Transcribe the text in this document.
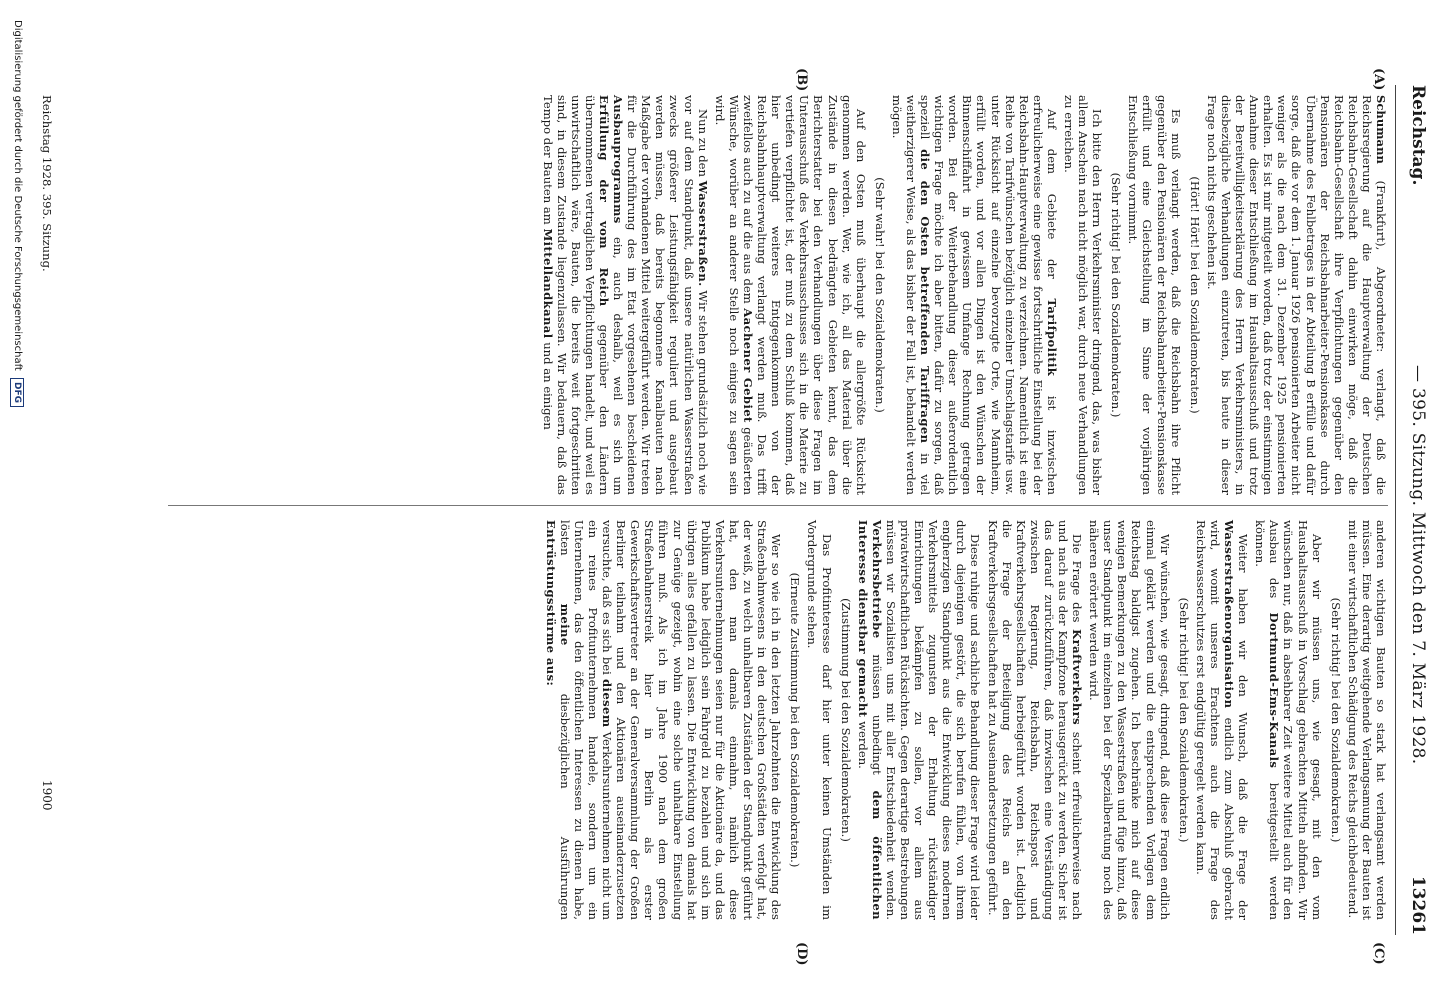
Reichstag.
— 395. Sitzung. Mittwoch den 7. März 1928.
13261
(A)
(B)
(C)
(D)

Schumann (Frankfurt), Abgeordneter: verlangt, daß die Reichsregierung auf die Hauptverwaltung der Deutschen Reichsbahn-Gesellschaft dahin einwirken möge, daß die Reichsbahn-Gesellschaft ihre Verpflichtungen gegenüber den Pensionären der Reichsbahnarbeiter-Pensionskasse durch Übernahme des Fehlbetrages in der Abteilung B erfülle und dafür sorge, daß die vor dem 1. Januar 1926 pensionierten Arbeiter nicht weniger als die nach dem 31. Dezember 1925 pensionierten erhalten. Es ist mir mitgeteilt worden, daß trotz der einstimmigen Annahme dieser Entschließung im Haushaltsausschuß und trotz der Bereitwilligkeitserklärung des Herrn Verkehrsministers, in diesbezügliche Verhandlungen einzutreten, bis heute in dieser Frage noch nichts geschehen ist.

(Hört! Hört! bei den Sozialdemokraten.)

Es muß verlangt werden, daß die Reichsbahn ihre Pflicht gegenüber den Pensionären der Reichsbahnarbeiter-Pensionskasse erfüllt und eine Gleichstellung im Sinne der vorjährigen Entschließung vornimmt.

(Sehr richtig! bei den Sozialdemokraten.)

Ich bitte den Herrn Verkehrsminister dringend, das, was bisher allem Anschein nach nicht möglich war, durch neue Verhandlungen zu erreichen.

Auf dem Gebiete der Tarifpolitik ist inzwischen erfreulicherweise eine gewisse fortschrittliche Einstellung bei der Reichsbahn-Hauptverwaltung zu verzeichnen. Namentlich ist eine Reihe von Tarifwünschen bezüglich einzelner Umschlagstarife usw. unter Rücksicht auf einzelne bevorzugte Orte, wie Mannheim, erfüllt worden, und vor allen Dingen ist den Wünschen der Binnenschiffahrt in gewissem Umfange Rechnung getragen worden. Bei der Weiterbehandlung dieser außerordentlich wichtigen Frage möchte ich aber bitten, dafür zu sorgen, daß speziell die den Osten betreffenden Tariffragen in viel weitherzigerer Weise, als das bisher der Fall ist, behandelt werden mögen.

(Sehr wahr! bei den Sozialdemokraten.)

Auf den Osten muß überhaupt die allergrößte Rücksicht genommen werden. Wer, wie ich, all das Material über die Zustände in diesen bedrängten Gebieten kennt, das dem Berichterstatter bei den Verhandlungen über diese Fragen im Unterausschuß des Verkehrsausschusses sich in die Materie zu vertiefen verpflichtet ist, der muß zu dem Schluß kommen, daß hier unbedingt weiteres Entgegenkommen von der Reichsbahnhauptverwaltung verlangt werden muß. Das trifft zweifellos auch zu auf die aus dem Aachener Gebiet geäußerten Wünsche, worüber an anderer Stelle noch einiges zu sagen sein wird.

Nun zu den Wasserstraßen. Wir stehen grundsätzlich noch wie vor auf dem Standpunkt, daß unsere natürlichen Wasserstraßen zwecks größerer Leistungsfähigkeit reguliert und ausgebaut werden müssen, daß bereits begonnene Kanalbauten nach Maßgabe der vorhandenen Mittel weitergeführt werden. Wir treten für die Durchführung des im Etat vorgesehenen bescheidenen Ausbauprogramms ein, auch deshalb, weil es sich um Erfüllung der vom Reich gegenüber den Ländern übernommenen vertraglichen Verpflichtungen handelt, und weil es unwirtschaftlich wäre, Bauten, die bereits weit fortgeschritten sind, in diesem Zustande liegenzulassen. Wir bedauern, daß das Tempo der Bauten am Mittellandkanal und an einigen

anderen wichtigen Bauten so stark hat verlangsamt werden müssen. Eine derartig weitgehende Verlangsamung der Bauten ist mit einer wirtschaftlichen Schädigung des Reichs gleichbedeutend.

(Sehr richtig! bei den Sozialdemokraten.)

Aber wir müssen uns, wie gesagt, mit den vom Haushaltsausschuß in Vorschlag gebrachten Mitteln abfinden. Wir wünschen nur, daß in absehbarer Zeit weitere Mittel auch für den Ausbau des Dortmund-Ems-Kanals bereitgestellt werden können.

Weiter haben wir den Wunsch, daß die Frage der Wasserstraßenorganisation endlich zum Abschluß gebracht wird, womit unseres Erachtens auch die Frage des Reichswasserschutzes erst endgültig geregelt werden kann.

(Sehr richtig! bei den Sozialdemokraten.)

Wir wünschen, wie gesagt, dringend, daß diese Fragen endlich einmal geklärt werden und die entsprechenden Vorlagen dem Reichstag baldigst zugehen. Ich beschränke mich auf diese wenigen Bemerkungen zu den Wasserstraßen und füge hinzu, daß unser Standpunkt im einzelnen bei der Spezialberatung noch des näheren erörtert werden wird.

Die Frage des Kraftverkehrs scheint erfreulicherweise nach und nach aus der Kampfzone herausgerückt zu werden. Sicher ist das darauf zurückzuführen, daß inzwischen eine Verständigung zwischen Regierung, Reichsbahn, Reichspost und Kraftverkehrsgesellschaften herbeigeführt worden ist. Lediglich die Frage der Beteiligung des Reichs an den Kraftverkehrsgesellschaften hat zu Auseinandersetzungen geführt.

Diese ruhige und sachliche Behandlung dieser Frage wird leider durch diejenigen gestört, die sich berufen fühlen, von ihrem engherzigen Standpunkt aus die Entwicklung dieses modernen Verkehrsmittels zugunsten der Erhaltung rückständiger Einrichtungen bekämpfen zu sollen, vor allem aus privatwirtschaftlichen Rücksichten. Gegen derartige Bestrebungen müssen wir Sozialisten uns mit aller Entschiedenheit wenden. Verkehrsbetriebe müssen unbedingt dem öffentlichen Interesse dienstbar gemacht werden.

(Zustimmung bei den Sozialdemokraten.)

Das Profitinteresse darf hier unter keinen Umständen im Vordergrunde stehen.

(Erneute Zustimmung bei den Sozialdemokraten.)

Wer so wie ich in den letzten Jahrzehnten die Entwicklung des Straßenbahnwesens in den deutschen Großstädten verfolgt hat, der weiß, zu welch unhaltbaren Zuständen der Standpunkt geführt hat, den man damals einnahm, nämlich diese Verkehrsunternehmungen seien nur für die Aktionäre da, und das Publikum habe lediglich sein Fahrgeld zu bezahlen und sich im übrigen alles gefallen zu lassen. Die Entwicklung von damals hat zur Genüge gezeigt, wohin eine solche unhaltbare Einstellung führen muß. Als ich im Jahre 1900 nach dem großen Straßenbahnerstreik hier in Berlin als erster Gewerkschaftsvertreter an der Generalversammlung der Großen Berliner teilnahm und den Aktionären auseinanderzusetzen versuchte, daß es sich bei diesem Verkehrsunternehmen nicht um ein reines Profitunternehmen handele, sondern um ein Unternehmen, das den öffentlichen Interessen zu dienen habe, lösten meine diesbezüglichen Ausführungen Entrüstungsstürme aus:

Reichstag 1928. 395. Sitzung.
1900
Digitalisierung gefördert durch die Deutsche Forschungsgemeinschaft DFG
